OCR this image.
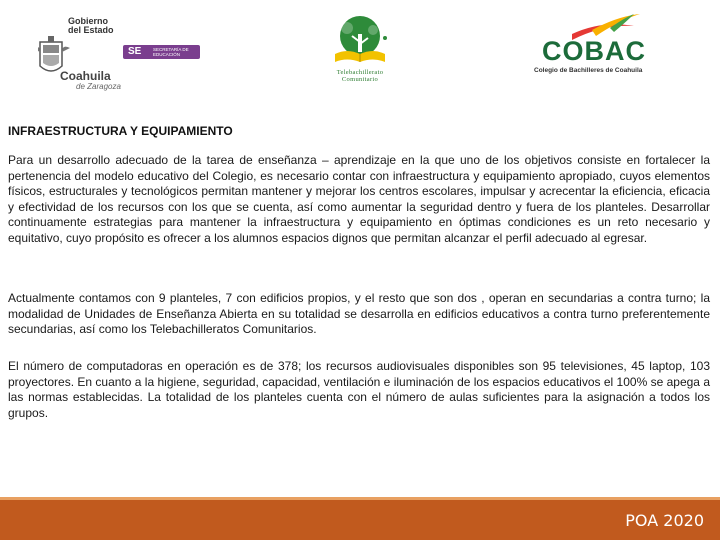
Gobierno
del Estado
SE	SECRETARÍA DE EDUCACIÓN
Coahuila
de Zaragoza
Telebachillerato
Comunitario
COBAC
Colegio de Bachilleres de Coahuila
INFRAESTRUCTURA Y EQUIPAMIENTO

Para un desarrollo adecuado de la tarea de enseñanza – aprendizaje en la que uno de los objetivos consiste en fortalecer la pertenencia del modelo educativo del Colegio, es necesario contar con infraestructura y equipamiento apropiado, cuyos elementos físicos, estructurales y tecnológicos permitan mantener y mejorar los centros escolares, impulsar y acrecentar la eficiencia, eficacia y efectividad de los recursos con los que se cuenta, así como aumentar la seguridad dentro y fuera de los planteles. Desarrollar continuamente estrategias para mantener la infraestructura y equipamiento en óptimas condiciones es un reto necesario y equitativo, cuyo propósito es ofrecer a los alumnos espacios dignos que permitan alcanzar el perfil adecuado al egresar.

Actualmente contamos con 9 planteles, 7 con edificios propios, y el resto que son dos , operan en secundarias a contra turno; la modalidad de Unidades de Enseñanza Abierta en su totalidad se desarrolla en edificios educativos a contra turno preferentemente secundarias, así como los Telebachilleratos Comunitarios.

El número de computadoras en operación es de 378; los recursos audiovisuales disponibles son 95 televisiones, 45 laptop, 103 proyectores. En cuanto a la higiene, seguridad, capacidad, ventilación e iluminación de los espacios educativos el 100% se apega a las normas establecidas. La totalidad de los planteles cuenta con el número de aulas suficientes para la asignación a todos los grupos.

POA 2020
